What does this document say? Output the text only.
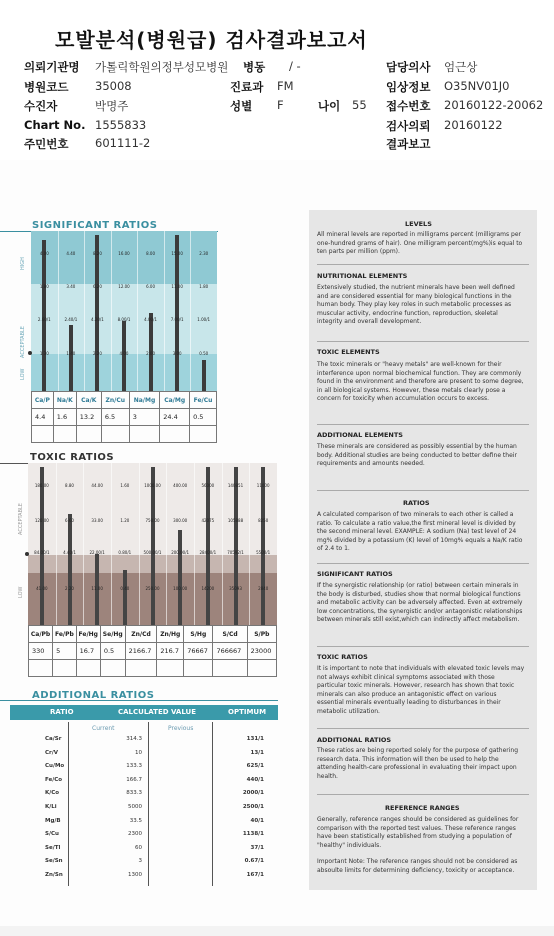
모발분석(병원급) 검사결과보고서
의뢰기관명 가톨릭학원의정부성모병원
병원코드 35008
수진자	박명주
Chart No. 1555833
주민번호 601111-2
병동 / -
진료과 FM
성별 F	나이 55
담당의사 엄근상
임상정보 O35NV01J0
접수번호 20160122-20062
검사의뢰 20160122
결과보고
SIGNIFICANT RATIOS
4.00
1.80
2.60/1
1.30
4.40
3.40
2.40/1
1.40
8.20
6.20
4.20/1
2.20
16.00
12.00
8.00/1
4.00
8.00
6.00
4.00/1
2.00
15.00
11.00
7.00/1
3.00
2.30
1.80
1.00/1
0.50
HIGH
ACCEPTABLE
LOW
Ca/P	Na/K	Ca/K	Zn/Cu	Na/Mg	Ca/Mg	Fe/Cu
4.4	1.6	13.2	6.5	3	24.4	0.5

TOXIC RATIOS
180.00
120.00
84.00/1
41.00
8.80
6.60
4.40/1
2.20
44.00
33.00
22.00/1
11.00
1.60
1.20
0.80/1
0.40
1000.00
750.00
500.00/1
250.00
400.00
300.00
200.00/1
100.00
56000
42075
28400/1
14200
140851
105888
70592/1
35093
11000
8250
5500/1
2840
ACCEPTABLE
LOW
Ca/Pb	Fe/Pb	Fe/Hg	Se/Hg	Zn/Cd	Zn/Hg	S/Hg	S/Cd	S/Pb
330	5	16.7	0.5	2166.7	216.7	76667	766667	23000

ADDITIONAL RATIOS
RATIO	CALCULATED VALUE	OPTIMUM
Current	Previous
Ca/Sr	314.3	131/1
Cr/V	10	13/1
Cu/Mo	133.3	625/1
Fe/Co	166.7	440/1
K/Co	833.3	2000/1
K/Li	5000	2500/1
Mg/B	33.5	40/1
S/Cu	2300	1138/1
Se/Tl	60	37/1
Se/Sn	3	0.67/1
Zn/Sn	1300	167/1
LEVELS
All mineral levels are reported in milligrams percent (milligrams per one-hundred grams of hair). One milligram percent(mg%)is equal to ten parts per million (ppm).
NUTRITIONAL ELEMENTS
Extensively studied, the nutrient minerals have been well defined and are considered essential for many biological functions in the human body. They play key roles in such metabolic processes as muscular activity, endocrine function, reproduction, skeletal integrity and overall development.
TOXIC ELEMENTS
The toxic minerals or "heavy metals" are well-known for their interference upon normal biochemical function. They are commonly found in the environment and therefore are present to some degree, in all biological systems. However, these metals clearly pose a concern for toxicity when accumulation occurs to excess.
ADDITIONAL ELEMENTS
These minerals are considered as possibly essential by the human body. Additional studies are being conducted to better define their requirements and amounts needed.
RATIOS
A calculated comparison of two minerals to each other is called a ratio. To calculate a ratio value,the first mineral level is divided by the second mineral level. EXAMPLE: A sodium (Na) test level of 24 mg% divided by a potassium (K) level of 10mg% equals a Na/K ratio of 2.4 to 1.
SIGNIFICANT RATIOS
If the synergistic relationship (or ratio) between certain minerals in the body is disturbed, studies show that normal biological functions and metabolic activity can be adversely affected. Even at extremely low concentrations, the synergistic and/or antagonistic relationships between minerals still exist,which can indirectly affect metabolism.
TOXIC RATIOS
It is important to note that individuals with elevated toxic levels may not always exhibit clinical symptoms associated with those particular toxic minerals. However, research has shown that toxic minerals can also produce an antagonistic effect on various essential minerals eventually leading to disturbances in their metabolic utilization.
ADDITIONAL RATIOS
These ratios are being reported solely for the purpose of gathering research data. This information will then be used to help the attending health-care professional in evaluating their impact upon health.
REFERENCE RANGES
Generally, reference ranges should be considered as guidelines for comparison with the reported test values. These reference ranges have been statistically established from studying a population of "healthy" individuals.
Important Note: The reference ranges should not be considered as absoulte limits for determining deficiency, toxicity or acceptance.
